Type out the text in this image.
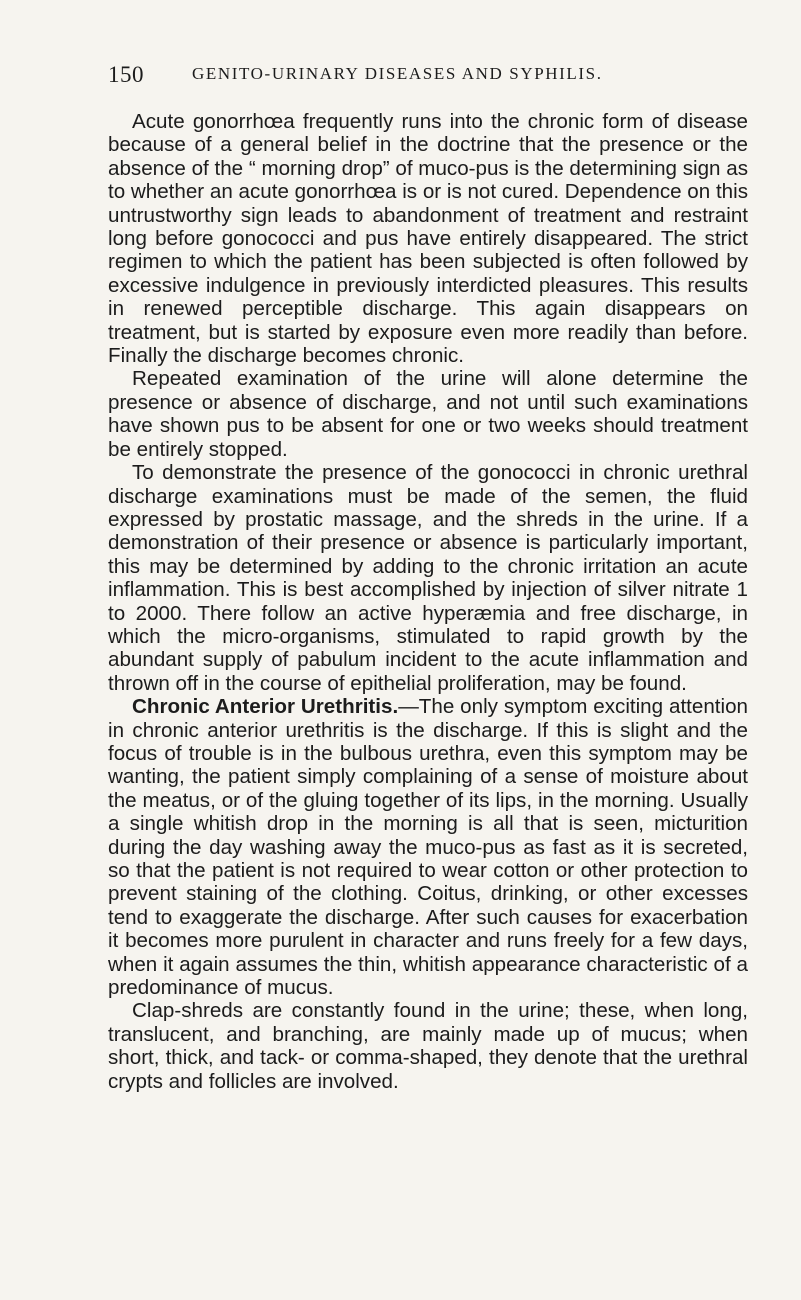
150	GENITO-URINARY DISEASES AND SYPHILIS.

Acute gonorrhœa frequently runs into the chronic form of disease because of a general belief in the doctrine that the presence or the absence of the “ morning drop” of muco-pus is the determining sign as to whether an acute gonorrhœa is or is not cured. Dependence on this untrustworthy sign leads to abandonment of treatment and restraint long before gonococci and pus have entirely disappeared. The strict regimen to which the patient has been subjected is often followed by excessive indulgence in previously interdicted pleasures. This results in renewed perceptible discharge. This again disappears on treatment, but is started by exposure even more readily than before. Finally the discharge becomes chronic.

Repeated examination of the urine will alone determine the presence or absence of discharge, and not until such examinations have shown pus to be absent for one or two weeks should treatment be entirely stopped.

To demonstrate the presence of the gonococci in chronic urethral discharge examinations must be made of the semen, the fluid expressed by prostatic massage, and the shreds in the urine. If a demonstration of their presence or absence is particularly important, this may be determined by adding to the chronic irritation an acute inflammation. This is best accomplished by injection of silver nitrate 1 to 2000. There follow an active hyperæmia and free discharge, in which the micro-organisms, stimulated to rapid growth by the abundant supply of pabulum incident to the acute inflammation and thrown off in the course of epithelial proliferation, may be found.

Chronic Anterior Urethritis.—The only symptom exciting attention in chronic anterior urethritis is the discharge. If this is slight and the focus of trouble is in the bulbous urethra, even this symptom may be wanting, the patient simply complaining of a sense of moisture about the meatus, or of the gluing together of its lips, in the morning. Usually a single whitish drop in the morning is all that is seen, micturition during the day washing away the muco-pus as fast as it is secreted, so that the patient is not required to wear cotton or other protection to prevent staining of the clothing. Coitus, drinking, or other excesses tend to exaggerate the discharge. After such causes for exacerbation it becomes more purulent in character and runs freely for a few days, when it again assumes the thin, whitish appearance characteristic of a predominance of mucus.

Clap-shreds are constantly found in the urine; these, when long, translucent, and branching, are mainly made up of mucus; when short, thick, and tack- or comma-shaped, they denote that the urethral crypts and follicles are involved.
